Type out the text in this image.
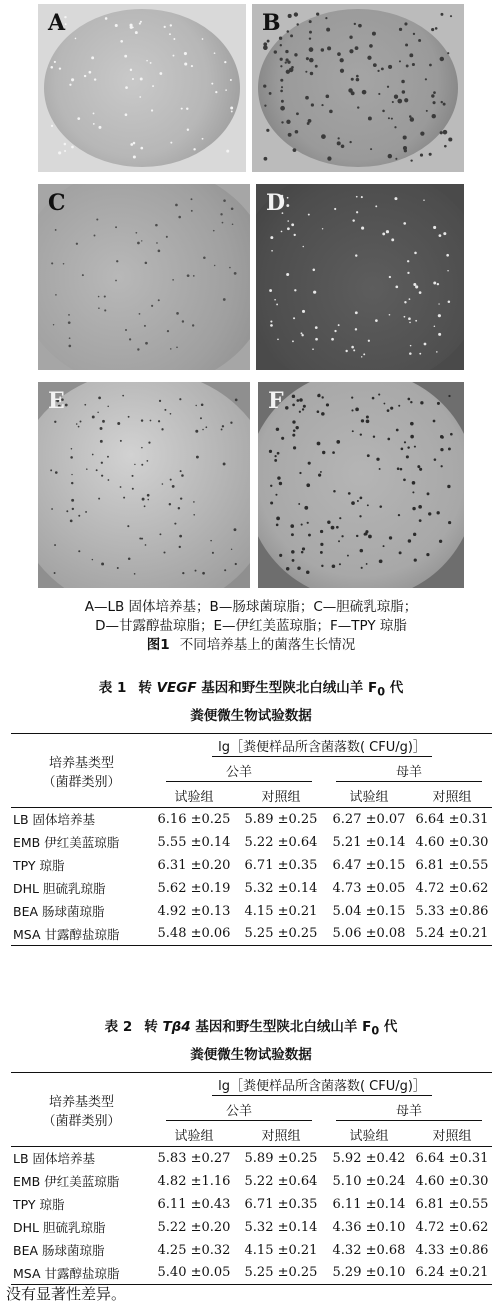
A	B
C	D
E	F
A—LB 固体培养基；B—肠球菌琼脂；C—胆硫乳琼脂；
D—甘露醇盐琼脂；E—伊红美蓝琼脂；F—TPY 琼脂
图1 不同培养基上的菌落生长情况
表 1 转 VEGF 基因和野生型陕北白绒山羊 $F_0$ 代
粪便微生物试验数据
培养基类型
（菌群类别）	lg［粪便样品所含菌落数( CFU/g)］			
	公羊		母羊	
	试验组	对照组	试验组	对照组
LB 固体培养基	6.16 ±0.25	5.89 ±0.25	6.27 ±0.07	6.64 ±0.31
EMB 伊红美蓝琼脂	5.55 ±0.14	5.22 ±0.64	5.21 ±0.14	4.60 ±0.30
TPY 琼脂	6.31 ±0.20	6.71 ±0.35	6.47 ±0.15	6.81 ±0.55
DHL 胆硫乳琼脂	5.62 ±0.19	5.32 ±0.14	4.73 ±0.05	4.72 ±0.62
BEA 肠球菌琼脂	4.92 ±0.13	4.15 ±0.21	5.04 ±0.15	5.33 ±0.86
MSA 甘露醇盐琼脂	5.48 ±0.06	5.25 ±0.25	5.06 ±0.08	5.24 ±0.21
表 2 转 Tβ4 基因和野生型陕北白绒山羊 $F_0$ 代
粪便微生物试验数据
培养基类型
（菌群类别）	lg［粪便样品所含菌落数( CFU/g)］			
	公羊		母羊	
	试验组	对照组	试验组	对照组
LB 固体培养基	5.83 ±0.27	5.89 ±0.25	5.92 ±0.42	6.64 ±0.31
EMB 伊红美蓝琼脂	4.82 ±1.16	5.22 ±0.64	5.10 ±0.24	4.60 ±0.30
TPY 琼脂	6.11 ±0.43	6.71 ±0.35	6.11 ±0.14	6.81 ±0.55
DHL 胆硫乳琼脂	5.22 ±0.20	5.32 ±0.14	4.36 ±0.10	4.72 ±0.62
BEA 肠球菌琼脂	4.25 ±0.32	4.15 ±0.21	4.32 ±0.68	4.33 ±0.86
MSA 甘露醇盐琼脂	5.40 ±0.05	5.25 ±0.25	5.29 ±0.10	6.24 ±0.21
没有显著性差异。
